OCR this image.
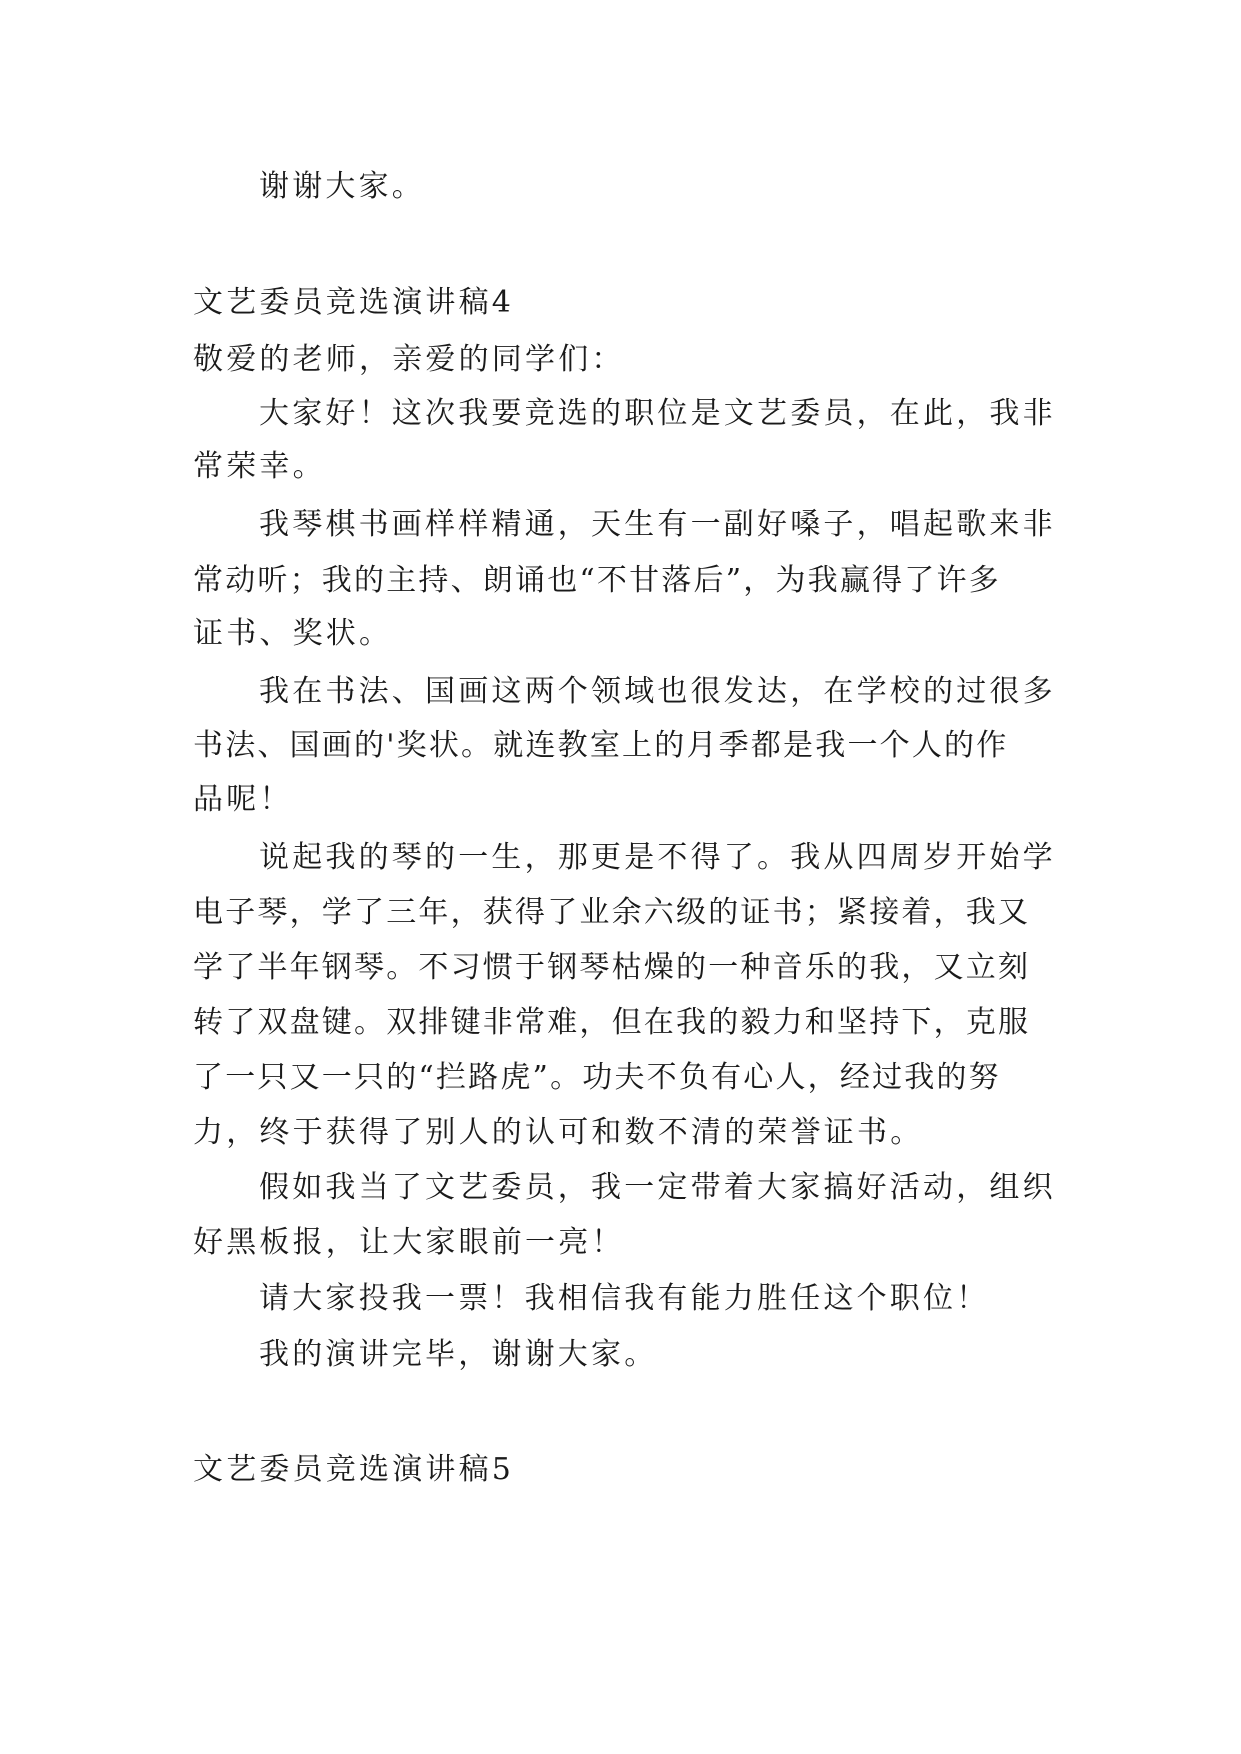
谢谢大家。
文艺委员竞选演讲稿4
敬爱的老师，亲爱的同学们：
大家好！这次我要竞选的职位是文艺委员，在此，我非
常荣幸。
我琴棋书画样样精通，天生有一副好嗓子，唱起歌来非
常动听；我的主持、朗诵也“不甘落后”，为我赢得了许多
证书、奖状。
我在书法、国画这两个领域也很发达，在学校的过很多
书法、国画的'奖状。就连教室上的月季都是我一个人的作
品呢！
说起我的琴的一生，那更是不得了。我从四周岁开始学
电子琴，学了三年，获得了业余六级的证书；紧接着，我又
学了半年钢琴。不习惯于钢琴枯燥的一种音乐的我，又立刻
转了双盘键。双排键非常难，但在我的毅力和坚持下，克服
了一只又一只的“拦路虎”。功夫不负有心人，经过我的努
力，终于获得了别人的认可和数不清的荣誉证书。
假如我当了文艺委员，我一定带着大家搞好活动，组织
好黑板报，让大家眼前一亮！
请大家投我一票！我相信我有能力胜任这个职位！
我的演讲完毕，谢谢大家。
文艺委员竞选演讲稿5
